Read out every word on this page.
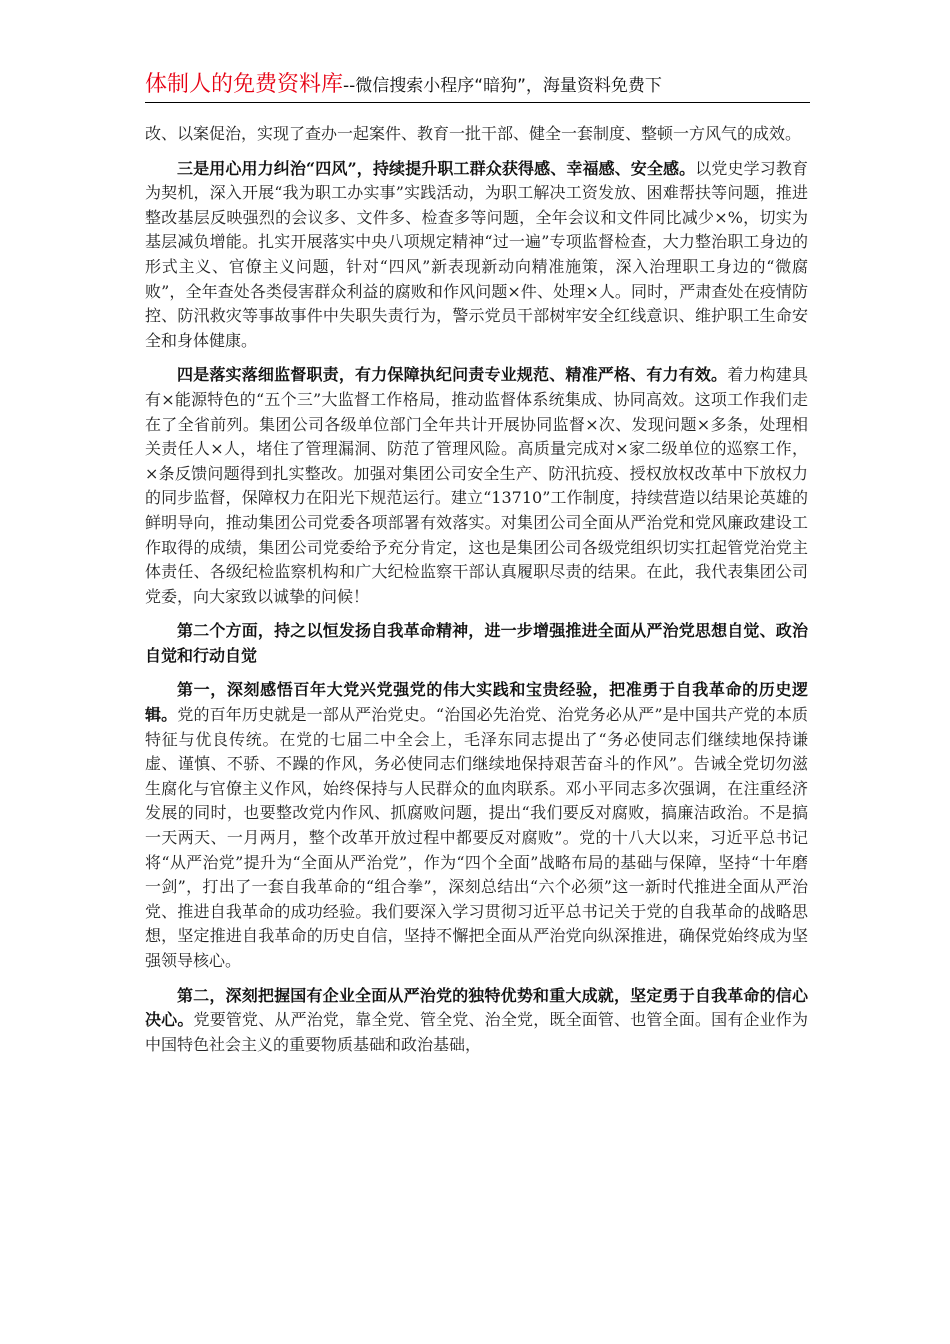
体制人的免费资料库--微信搜索小程序“暗狗”，海量资料免费下

改、以案促治，实现了查办一起案件、教育一批干部、健全一套制度、整顿一方风气的成效。

三是用心用力纠治“四风”，持续提升职工群众获得感、幸福感、安全感。以党史学习教育为契机，深入开展“我为职工办实事”实践活动，为职工解决工资发放、困难帮扶等问题，推进整改基层反映强烈的会议多、文件多、检查多等问题，全年会议和文件同比减少×%，切实为基层减负增能。扎实开展落实中央八项规定精神“过一遍”专项监督检查，大力整治职工身边的形式主义、官僚主义问题，针对“四风”新表现新动向精准施策，深入治理职工身边的“微腐败”，全年查处各类侵害群众利益的腐败和作风问题×件、处理×人。同时，严肃查处在疫情防控、防汛救灾等事故事件中失职失责行为，警示党员干部树牢安全红线意识、维护职工生命安全和身体健康。

四是落实落细监督职责，有力保障执纪问责专业规范、精准严格、有力有效。着力构建具有×能源特色的“五个三”大监督工作格局，推动监督体系统集成、协同高效。这项工作我们走在了全省前列。集团公司各级单位部门全年共计开展协同监督×次、发现问题×多条，处理相关责任人×人，堵住了管理漏洞、防范了管理风险。高质量完成对×家二级单位的巡察工作，×条反馈问题得到扎实整改。加强对集团公司安全生产、防汛抗疫、授权放权改革中下放权力的同步监督，保障权力在阳光下规范运行。建立“13710”工作制度，持续营造以结果论英雄的鲜明导向，推动集团公司党委各项部署有效落实。对集团公司全面从严治党和党风廉政建设工作取得的成绩，集团公司党委给予充分肯定，这也是集团公司各级党组织切实扛起管党治党主体责任、各级纪检监察机构和广大纪检监察干部认真履职尽责的结果。在此，我代表集团公司党委，向大家致以诚挚的问候！

第二个方面，持之以恒发扬自我革命精神，进一步增强推进全面从严治党思想自觉、政治自觉和行动自觉

第一，深刻感悟百年大党兴党强党的伟大实践和宝贵经验，把准勇于自我革命的历史逻辑。党的百年历史就是一部从严治党史。“治国必先治党、治党务必从严”是中国共产党的本质特征与优良传统。在党的七届二中全会上，毛泽东同志提出了“务必使同志们继续地保持谦虚、谨慎、不骄、不躁的作风，务必使同志们继续地保持艰苦奋斗的作风”。告诫全党切勿滋生腐化与官僚主义作风，始终保持与人民群众的血肉联系。邓小平同志多次强调，在注重经济发展的同时，也要整改党内作风、抓腐败问题，提出“我们要反对腐败，搞廉洁政治。不是搞一天两天、一月两月，整个改革开放过程中都要反对腐败”。党的十八大以来，习近平总书记将“从严治党”提升为“全面从严治党”，作为“四个全面”战略布局的基础与保障，坚持“十年磨一剑”，打出了一套自我革命的“组合拳”，深刻总结出“六个必须”这一新时代推进全面从严治党、推进自我革命的成功经验。我们要深入学习贯彻习近平总书记关于党的自我革命的战略思想，坚定推进自我革命的历史自信，坚持不懈把全面从严治党向纵深推进，确保党始终成为坚强领导核心。

第二，深刻把握国有企业全面从严治党的独特优势和重大成就，坚定勇于自我革命的信心决心。党要管党、从严治党，靠全党、管全党、治全党，既全面管、也管全面。国有企业作为中国特色社会主义的重要物质基础和政治基础，
